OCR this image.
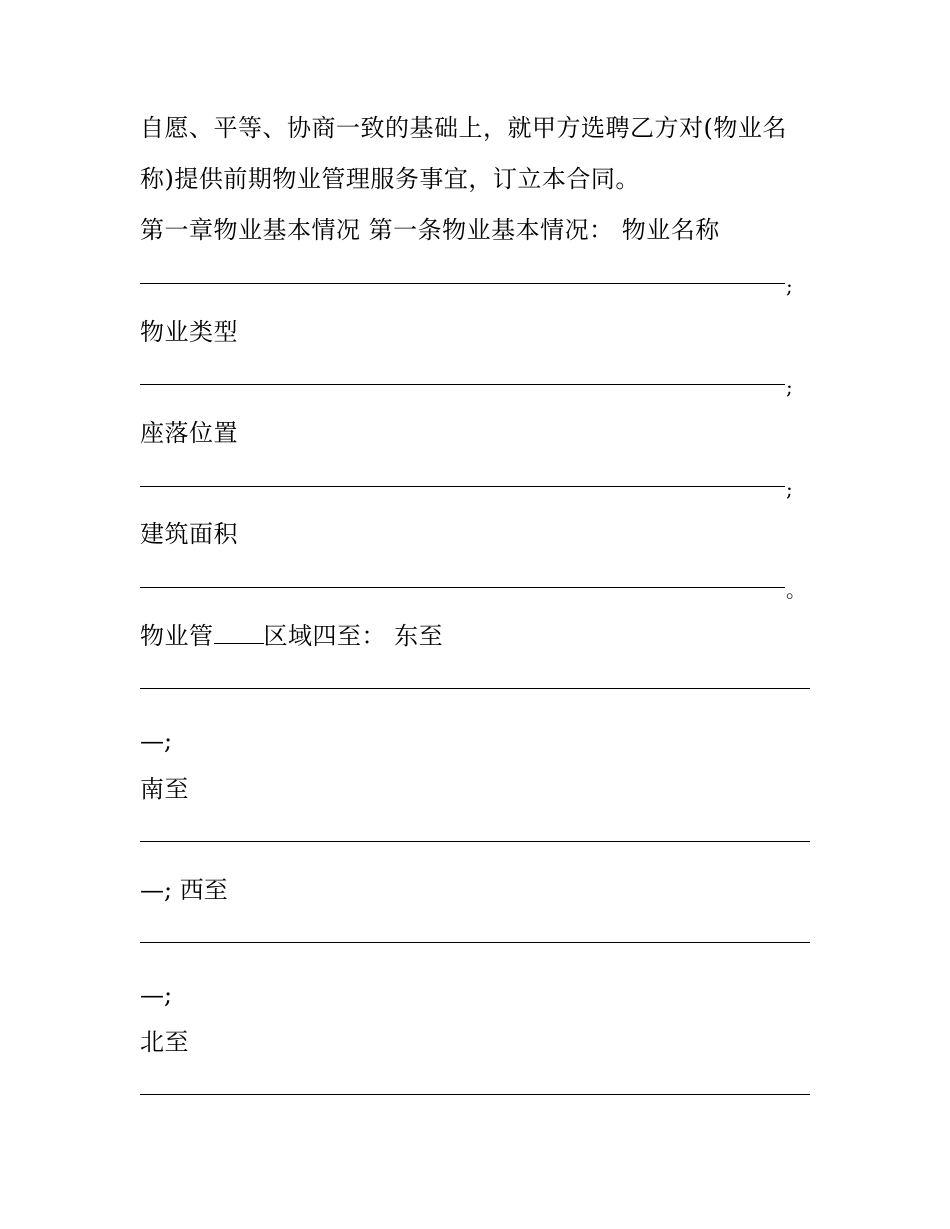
自愿、平等、协商一致的基础上，就甲方选聘乙方对(物业名
称)提供前期物业管理服务事宜，订立本合同。
第一章物业基本情况 第一条物业基本情况： 物业名称
;
物业类型
;
座落位置
;
建筑面积
。
物业管 区域四至： 东至
—;
南至
—; 西至
—;
北至
